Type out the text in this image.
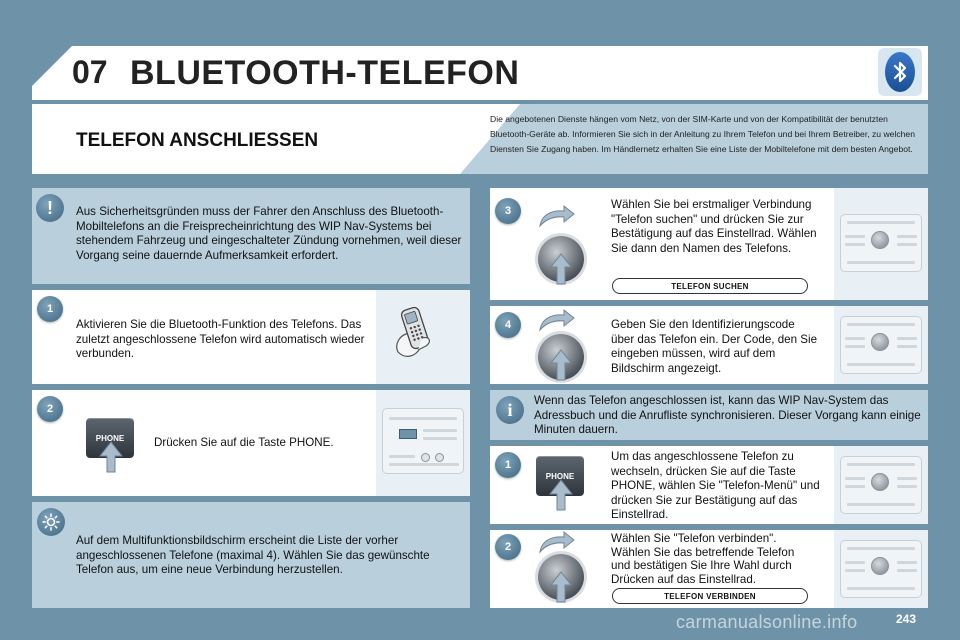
07 BLUETOOTH-TELEFON
TELEFON ANSCHLIESSEN
Die angebotenen Dienste hängen vom Netz, von der SIM-Karte und von der Kompatibilität der benutzten Bluetooth-Geräte ab. Informieren Sie sich in der Anleitung zu Ihrem Telefon und bei Ihrem Betreiber, zu welchen Diensten Sie Zugang haben. Im Händlernetz erhalten Sie eine Liste der Mobiltelefone mit dem besten Angebot.
!	Aus Sicherheitsgründen muss der Fahrer den Anschluss des Bluetooth-Mobiltelefons an die Freisprecheinrichtung des WIP Nav-Systems bei stehendem Fahrzeug und eingeschalteter Zündung vornehmen, weil dieser Vorgang seine dauernde Aufmerksamkeit erfordert.
1
Aktivieren Sie die Bluetooth-Funktion des Telefons. Das zuletzt angeschlossene Telefon wird automatisch wieder verbunden.
2
PHONE	Drücken Sie auf die Taste PHONE.
Auf dem Multifunktionsbildschirm erscheint die Liste der vorher angeschlossenen Telefone (maximal 4). Wählen Sie das gewünschte Telefon aus, um eine neue Verbindung herzustellen.
3	Wählen Sie bei erstmaliger Verbindung "Telefon suchen" und drücken Sie zur Bestätigung auf das Einstellrad. Wählen Sie dann den Namen des Telefons.
TELEFON SUCHEN
4	Geben Sie den Identifizierungscode über das Telefon ein. Der Code, den Sie eingeben müssen, wird auf dem Bildschirm angezeigt.
i	Wenn das Telefon angeschlossen ist, kann das WIP Nav-System das Adressbuch und die Anrufliste synchronisieren. Dieser Vorgang kann einige Minuten dauern.
1
PHONE
Um das angeschlossene Telefon zu wechseln, drücken Sie auf die Taste PHONE, wählen Sie "Telefon-Menü" und drücken Sie zur Bestätigung auf das Einstellrad.
2
Wählen Sie "Telefon verbinden". Wählen Sie das betreffende Telefon und bestätigen Sie Ihre Wahl durch Drücken auf das Einstellrad.
TELEFON VERBINDEN
carmanualsonline.info	243
